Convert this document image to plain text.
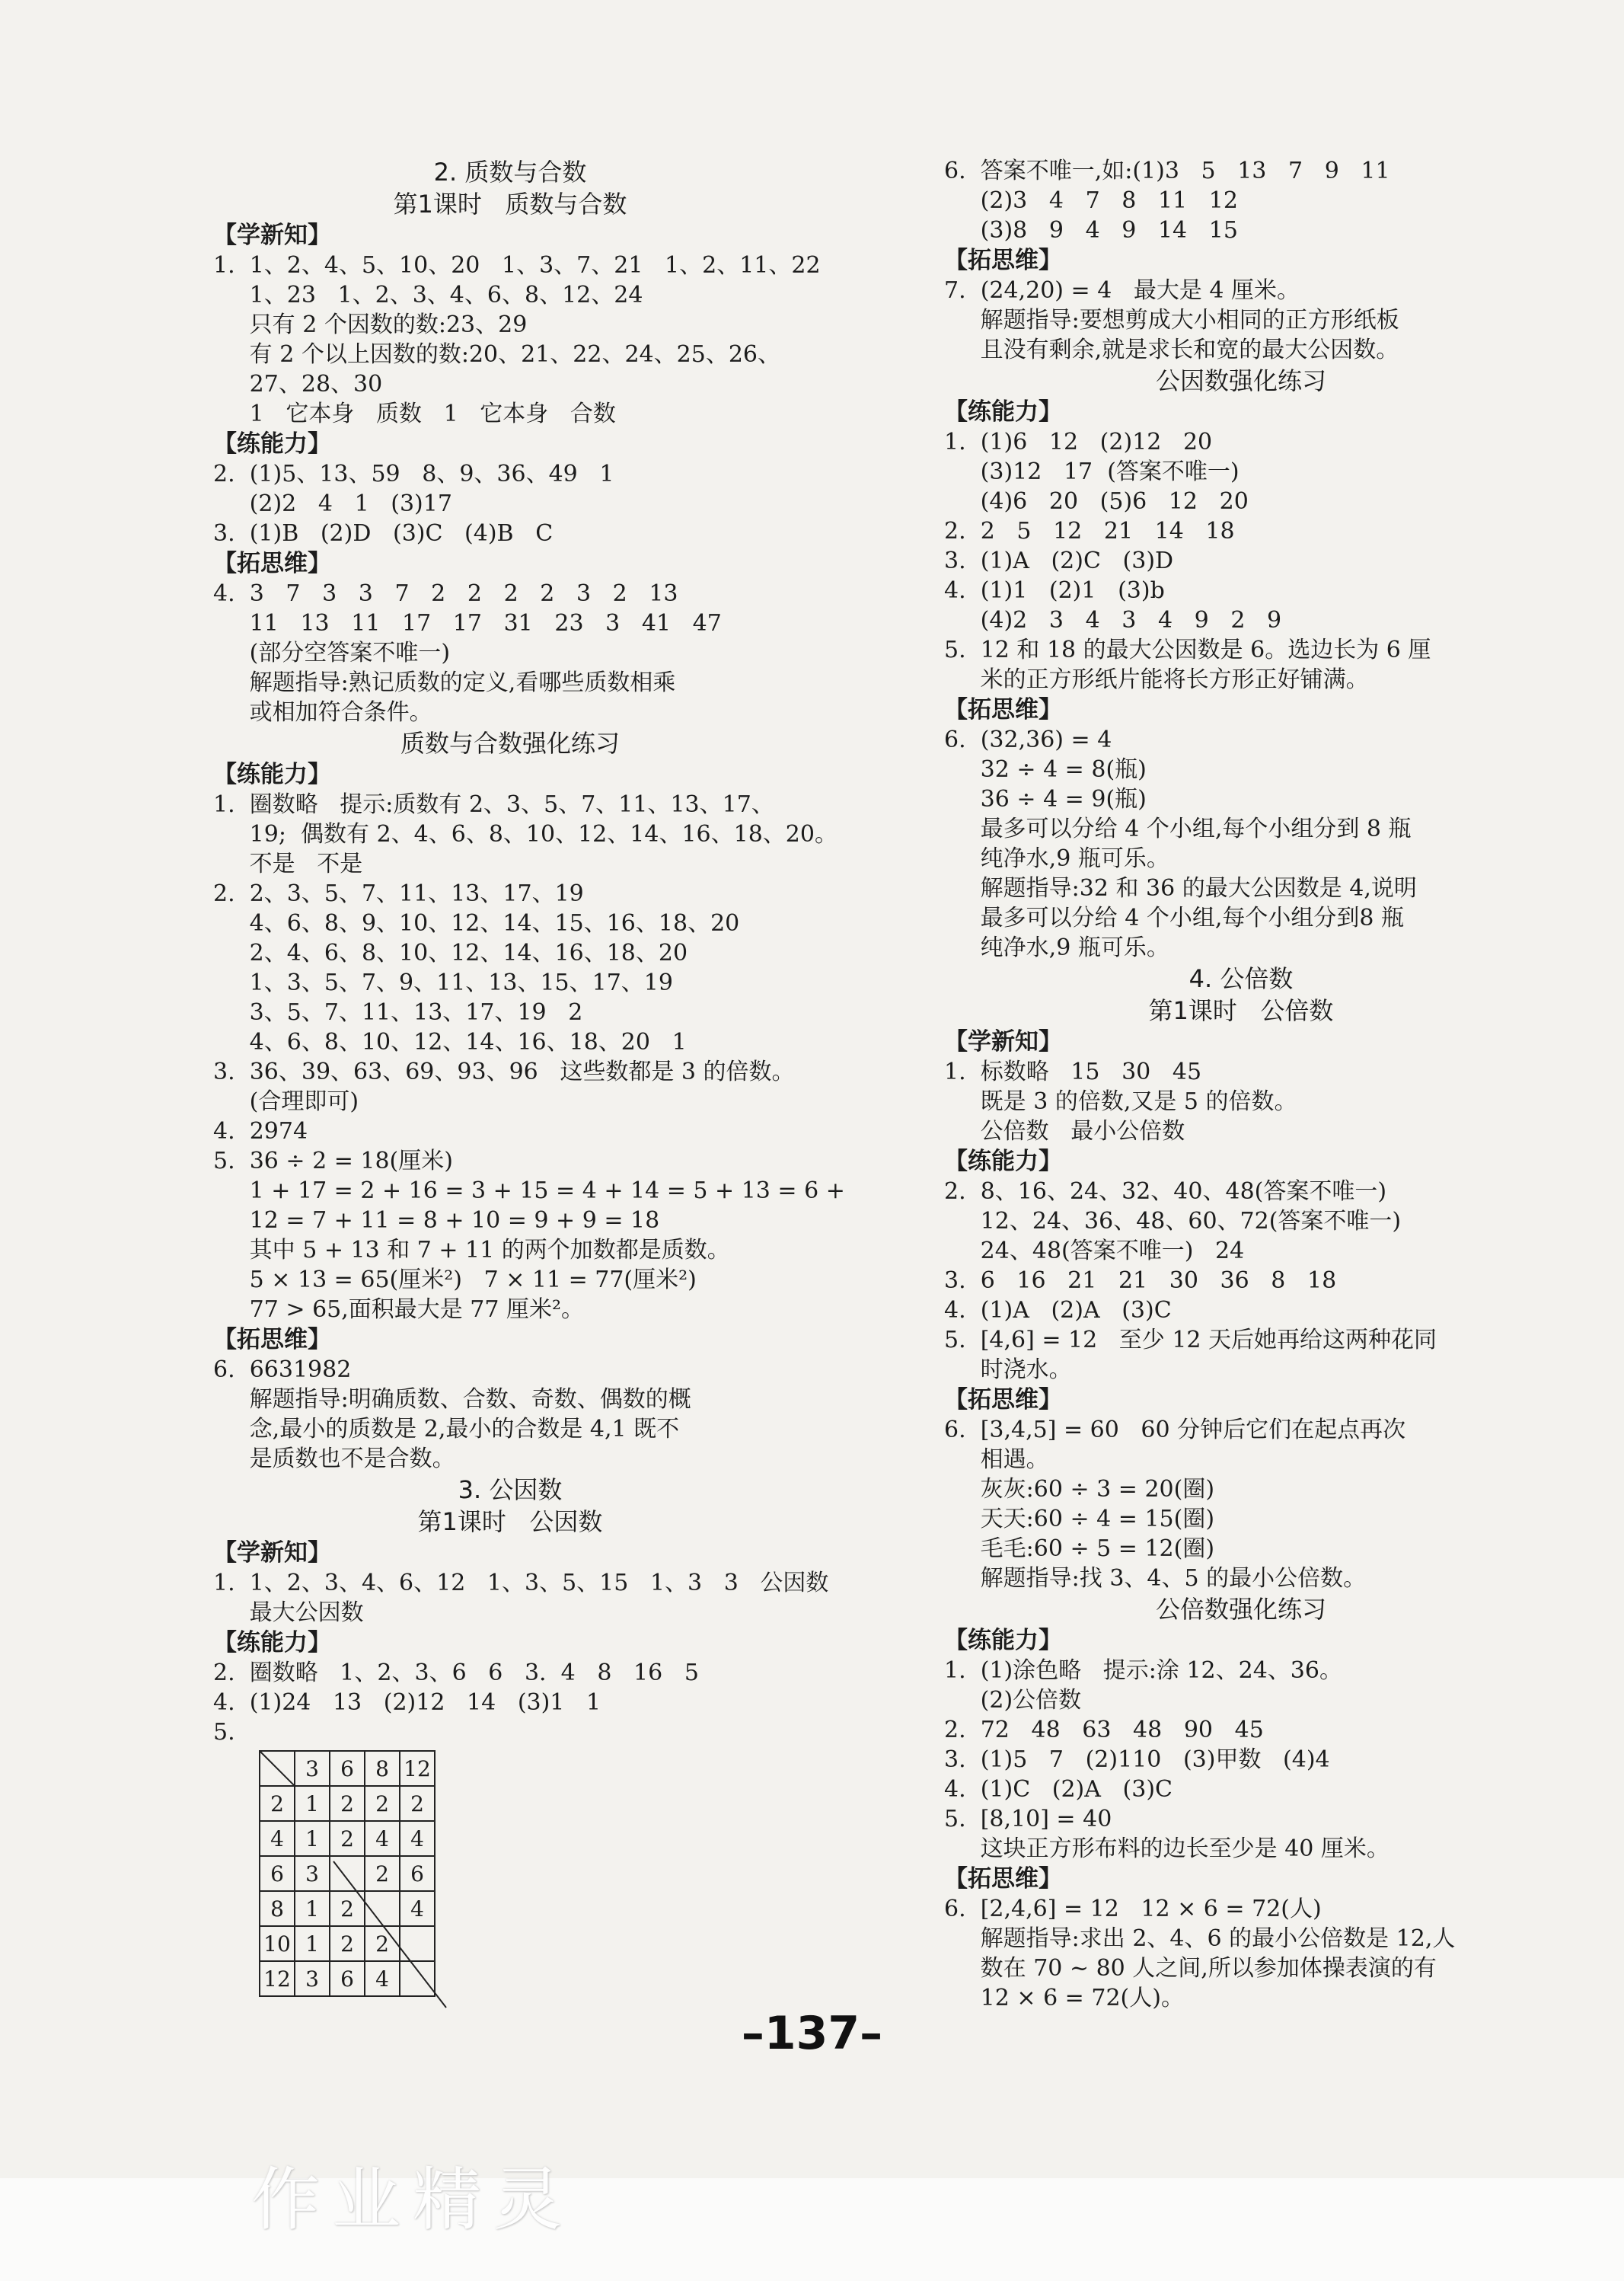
2. 质数与合数
第1课时   质数与合数
【学新知】
1.  1、2、4、5、10、20   1、3、7、21   1、2、11、22
1、23   1、2、3、4、6、8、12、24
只有 2 个因数的数:23、29
有 2 个以上因数的数:20、21、22、24、25、26、
27、28、30
1   它本身   质数   1   它本身   合数
【练能力】
2.  (1)5、13、59   8、9、36、49   1
(2)2   4   1   (3)17
3.  (1)B   (2)D   (3)C   (4)B   C
【拓思维】
4.  3   7   3   3   7   2   2   2   2   3   2   13
11   13   11   17   17   31   23   3   41   47
(部分空答案不唯一)
解题指导:熟记质数的定义,看哪些质数相乘
或相加符合条件。
质数与合数强化练习
【练能力】
1.  圈数略   提示:质数有 2、3、5、7、11、13、17、
19;  偶数有 2、4、6、8、10、12、14、16、18、20。
不是   不是
2.  2、3、5、7、11、13、17、19
4、6、8、9、10、12、14、15、16、18、20
2、4、6、8、10、12、14、16、18、20
1、3、5、7、9、11、13、15、17、19
3、5、7、11、13、17、19   2
4、6、8、10、12、14、16、18、20   1
3.  36、39、63、69、93、96   这些数都是 3 的倍数。
(合理即可)
4.  2974
5.  36 ÷ 2 = 18(厘米)
1 + 17 = 2 + 16 = 3 + 15 = 4 + 14 = 5 + 13 = 6 +
12 = 7 + 11 = 8 + 10 = 9 + 9 = 18
其中 5 + 13 和 7 + 11 的两个加数都是质数。
5 × 13 = 65(厘米²)   7 × 11 = 77(厘米²)
77 > 65,面积最大是 77 厘米²。
【拓思维】
6.  6631982
解题指导:明确质数、合数、奇数、偶数的概
念,最小的质数是 2,最小的合数是 4,1 既不
是质数也不是合数。
3. 公因数
第1课时   公因数
【学新知】
1.  1、2、3、4、6、12   1、3、5、15   1、3   3   公因数
最大公因数
【练能力】
2.  圈数略   1、2、3、6   6   3.  4   8   16   5
4.  (1)24   13   (2)12   14   (3)1   1
5.
	3	6	8	12
2	1	2	2	2
4	1	2	4	4
6	3		2	6
8	1	2		4
10	1	2	2	
12	3	6	4	
6.  答案不唯一,如:(1)3   5   13   7   9   11
(2)3   4   7   8   11   12
(3)8   9   4   9   14   15
【拓思维】
7.  (24,20) = 4   最大是 4 厘米。
解题指导:要想剪成大小相同的正方形纸板
且没有剩余,就是求长和宽的最大公因数。
公因数强化练习
【练能力】
1.  (1)6   12   (2)12   20
(3)12   17  (答案不唯一)
(4)6   20   (5)6   12   20
2.  2   5   12   21   14   18
3.  (1)A   (2)C   (3)D
4.  (1)1   (2)1   (3)b
(4)2   3   4   3   4   9   2   9
5.  12 和 18 的最大公因数是 6。选边长为 6 厘
米的正方形纸片能将长方形正好铺满。
【拓思维】
6.  (32,36) = 4
32 ÷ 4 = 8(瓶)
36 ÷ 4 = 9(瓶)
最多可以分给 4 个小组,每个小组分到 8 瓶
纯净水,9 瓶可乐。
解题指导:32 和 36 的最大公因数是 4,说明
最多可以分给 4 个小组,每个小组分到8 瓶
纯净水,9 瓶可乐。
4. 公倍数
第1课时   公倍数
【学新知】
1.  标数略   15   30   45
既是 3 的倍数,又是 5 的倍数。
公倍数   最小公倍数
【练能力】
2.  8、16、24、32、40、48(答案不唯一)
12、24、36、48、60、72(答案不唯一)
24、48(答案不唯一)   24
3.  6   16   21   21   30   36   8   18
4.  (1)A   (2)A   (3)C
5.  [4,6] = 12   至少 12 天后她再给这两种花同
时浇水。
【拓思维】
6.  [3,4,5] = 60   60 分钟后它们在起点再次
相遇。
灰灰:60 ÷ 3 = 20(圈)
天天:60 ÷ 4 = 15(圈)
毛毛:60 ÷ 5 = 12(圈)
解题指导:找 3、4、5 的最小公倍数。
公倍数强化练习
【练能力】
1.  (1)涂色略   提示:涂 12、24、36。
(2)公倍数
2.  72   48   63   48   90   45
3.  (1)5   7   (2)110   (3)甲数   (4)4
4.  (1)C   (2)A   (3)C
5.  [8,10] = 40
这块正方形布料的边长至少是 40 厘米。
【拓思维】
6.  [2,4,6] = 12   12 × 6 = 72(人)
解题指导:求出 2、4、6 的最小公倍数是 12,人
数在 70 ~ 80 人之间,所以参加体操表演的有
12 × 6 = 72(人)。
–137–
作业精灵
